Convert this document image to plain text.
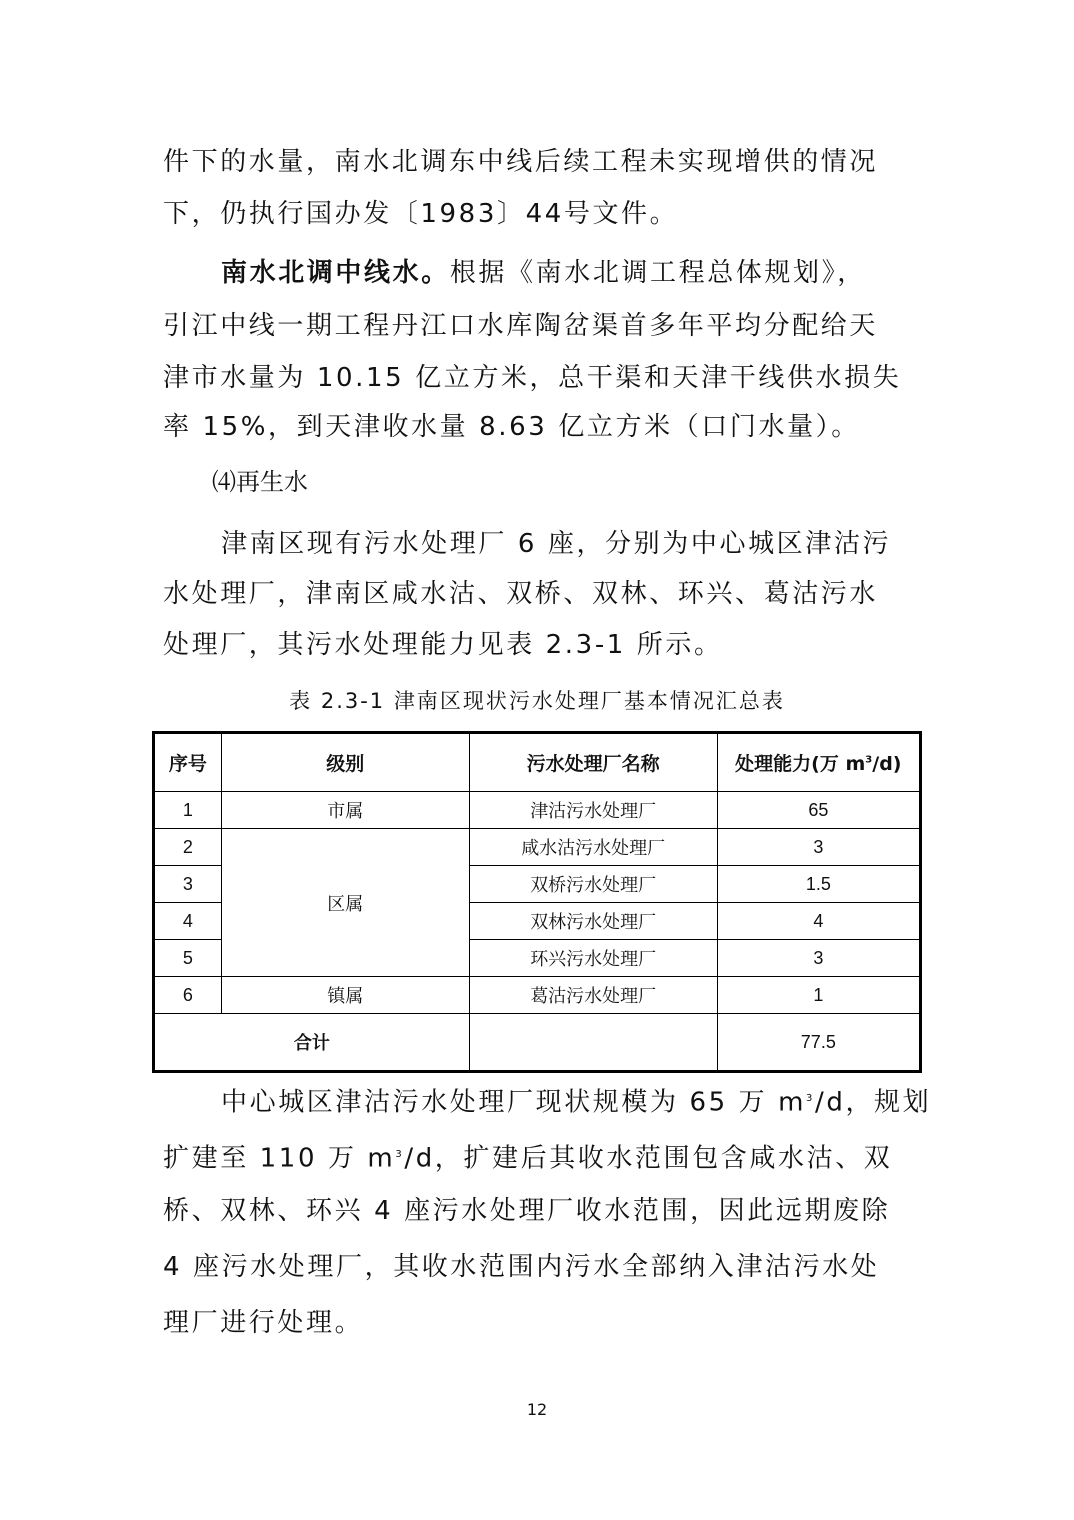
件下的水量，南水北调东中线后续工程未实现增供的情况

下，仍执行国办发〔1983〕44号文件。

南水北调中线水。根据《南水北调工程总体规划》，

引江中线一期工程丹江口水库陶岔渠首多年平均分配给天

津市水量为 10.15 亿立方米，总干渠和天津干线供水损失

率 15%，到天津收水量 8.63 亿立方米（口门水量）。

⑷再生水

津南区现有污水处理厂 6 座，分别为中心城区津沽污

水处理厂，津南区咸水沽、双桥、双林、环兴、葛沽污水

处理厂，其污水处理能力见表 2.3-1 所示。

表 2.3-1 津南区现状污水处理厂基本情况汇总表
序号	级别	污水处理厂名称	处理能力(万 $m^3/d$)
1	市属	津沽污水处理厂	65
2	区属	咸水沽污水处理厂	3
3		双桥污水处理厂	1.5
4		双林污水处理厂	4
5		环兴污水处理厂	3
6	镇属	葛沽污水处理厂	1
合计			77.5

中心城区津沽污水处理厂现状规模为 65 万 $m^3/d$，规划

扩建至 110 万 $m^3/d$，扩建后其收水范围包含咸水沽、双

桥、双林、环兴 4 座污水处理厂收水范围，因此远期废除

4 座污水处理厂，其收水范围内污水全部纳入津沽污水处

理厂进行处理。

12
